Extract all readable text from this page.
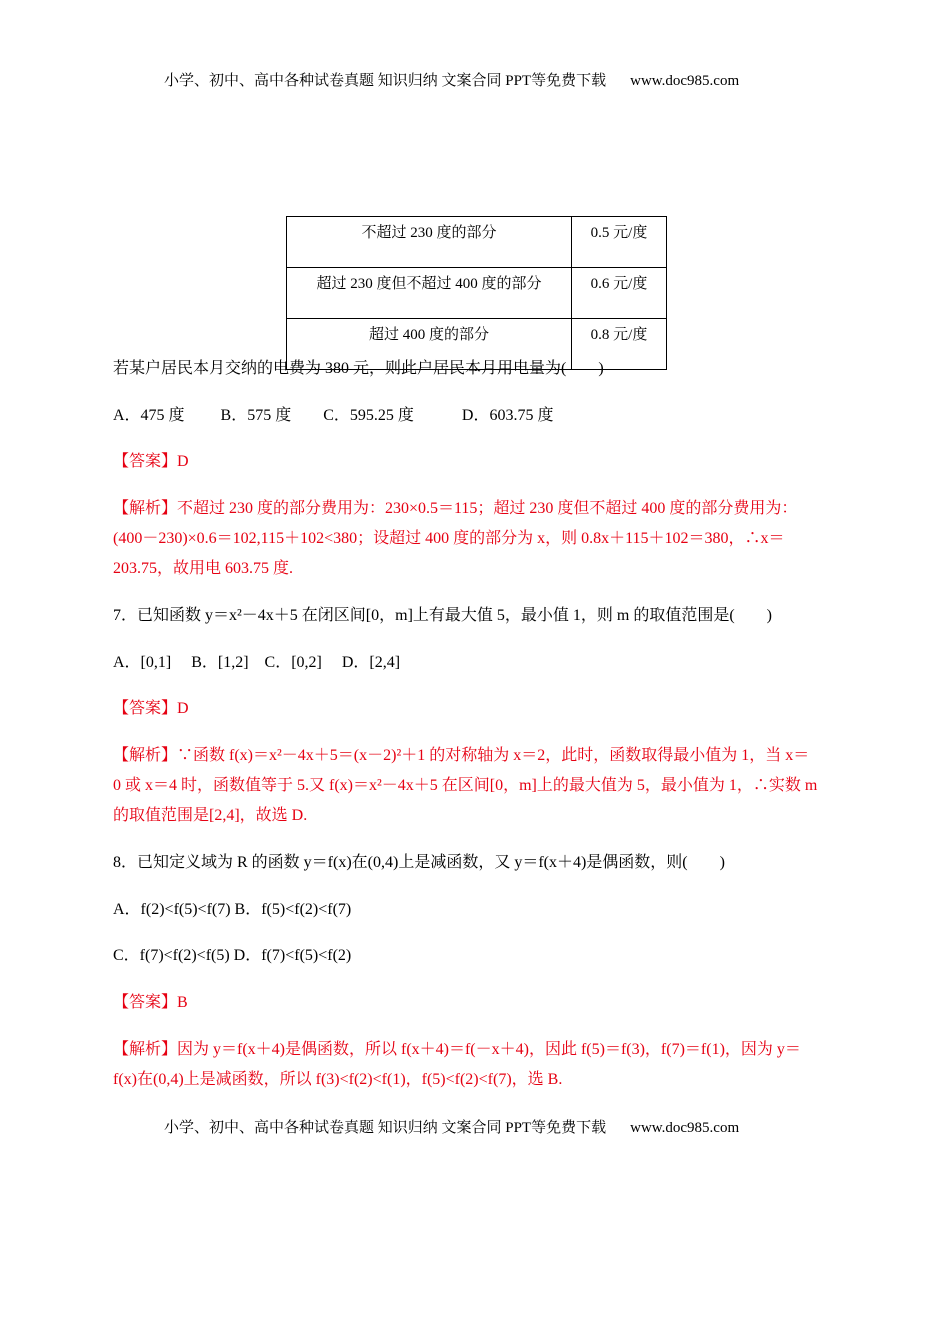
小学、初中、高中各种试卷真题 知识归纳 文案合同 PPT等免费下载 www.doc985.com
不超过 230 度的部分	0.5 元/度
超过 230 度但不超过 400 度的部分	0.6 元/度
超过 400 度的部分	0.8 元/度
若某户居民本月交纳的电费为 380 元，则此户居民本月用电量为(　　)
A．475 度　　 B．575 度　　C．595.25 度　　　D．603.75 度
【答案】D
【解析】不超过 230 度的部分费用为：230×0.5＝115；超过 230 度但不超过 400 度的部分费用为：
(400－230)×0.6＝102,115＋102<380；设超过 400 度的部分为 x，则 0.8x＋115＋102＝380，∴x＝
203.75，故用电 603.75 度.
7．已知函数 y＝x²－4x＋5 在闭区间[0，m]上有最大值 5，最小值 1，则 m 的取值范围是(　　)
A．[0,1]　 B．[1,2]　C．[0,2]　 D．[2,4]
【答案】D
【解析】∵函数 f(x)＝x²－4x＋5＝(x－2)²＋1 的对称轴为 x＝2，此时，函数取得最小值为 1，当 x＝
0 或 x＝4 时，函数值等于 5.又 f(x)＝x²－4x＋5 在区间[0，m]上的最大值为 5，最小值为 1，∴实数 m
的取值范围是[2,4]，故选 D.
8．已知定义域为 R 的函数 y＝f(x)在(0,4)上是减函数，又 y＝f(x＋4)是偶函数，则(　　)
A．f(2)<f(5)<f(7) B．f(5)<f(2)<f(7)
C．f(7)<f(2)<f(5) D．f(7)<f(5)<f(2)
【答案】B
【解析】因为 y＝f(x＋4)是偶函数，所以 f(x＋4)＝f(－x＋4)，因此 f(5)＝f(3)，f(7)＝f(1)，因为 y＝
f(x)在(0,4)上是减函数，所以 f(3)<f(2)<f(1)，f(5)<f(2)<f(7)，选 B.
小学、初中、高中各种试卷真题 知识归纳 文案合同 PPT等免费下载 www.doc985.com
